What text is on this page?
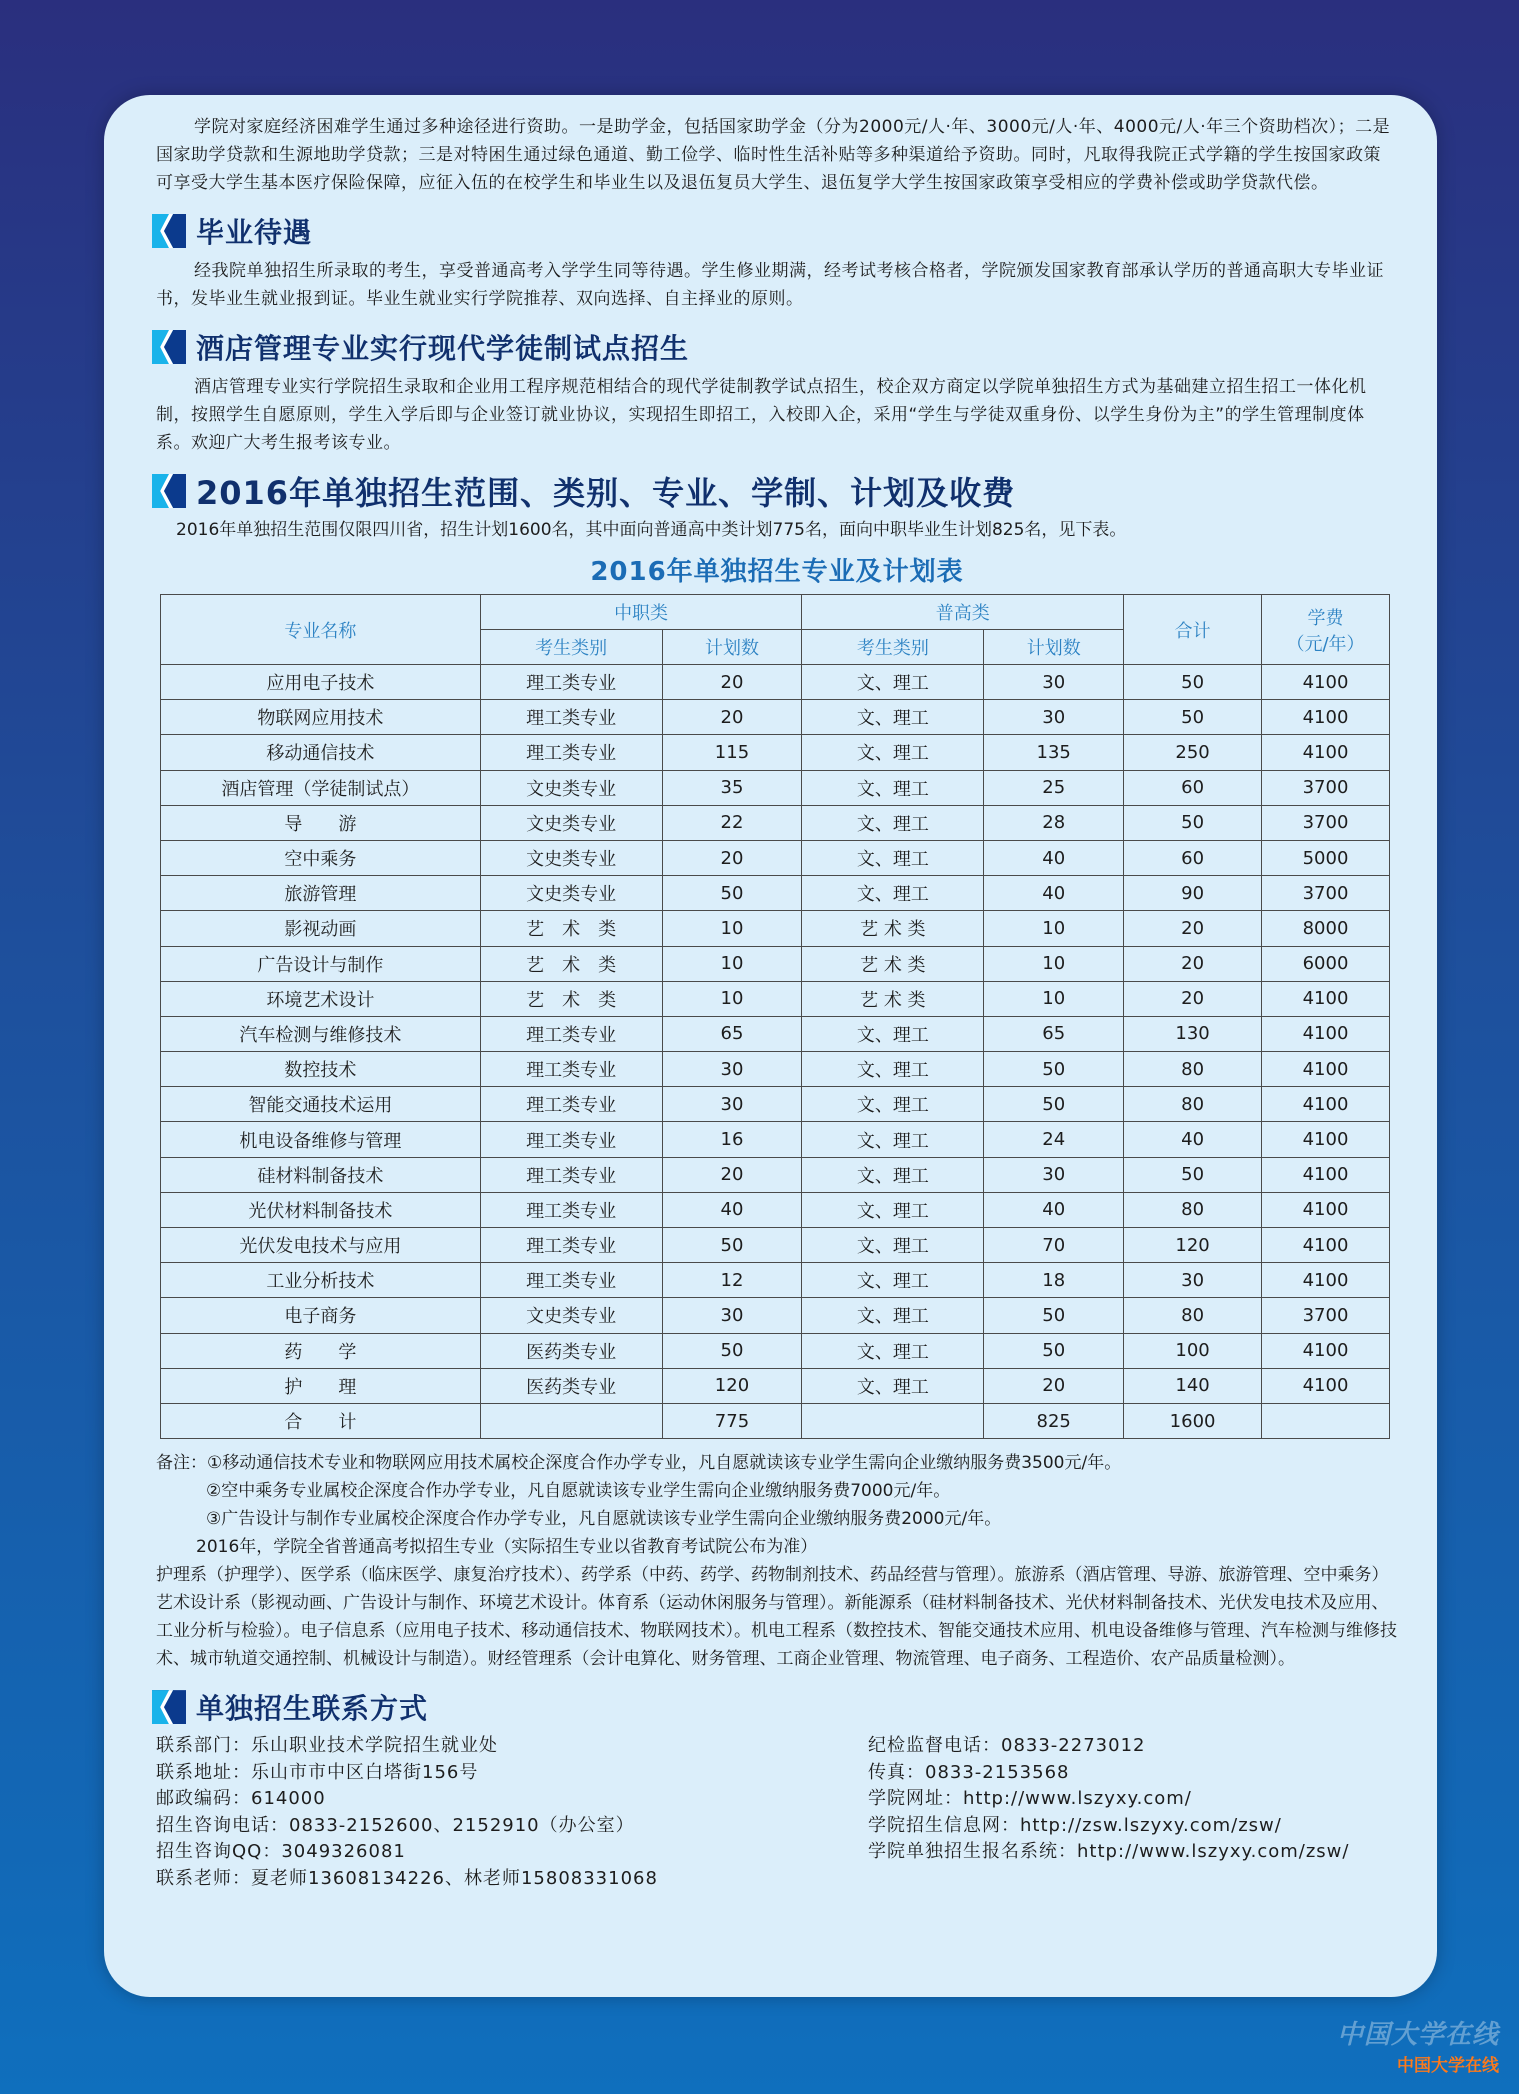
学院对家庭经济困难学生通过多种途径进行资助。一是助学金，包括国家助学金（分为2000元/人·年、3000元/人·年、4000元/人·年三个资助档次）；二是国家助学贷款和生源地助学贷款；三是对特困生通过绿色通道、勤工俭学、临时性生活补贴等多种渠道给予资助。同时，凡取得我院正式学籍的学生按国家政策可享受大学生基本医疗保险保障，应征入伍的在校学生和毕业生以及退伍复员大学生、退伍复学大学生按国家政策享受相应的学费补偿或助学贷款代偿。

毕业待遇

经我院单独招生所录取的考生，享受普通高考入学学生同等待遇。学生修业期满，经考试考核合格者，学院颁发国家教育部承认学历的普通高职大专毕业证书，发毕业生就业报到证。毕业生就业实行学院推荐、双向选择、自主择业的原则。

酒店管理专业实行现代学徒制试点招生

酒店管理专业实行学院招生录取和企业用工程序规范相结合的现代学徒制教学试点招生，校企双方商定以学院单独招生方式为基础建立招生招工一体化机制，按照学生自愿原则，学生入学后即与企业签订就业协议，实现招生即招工，入校即入企，采用“学生与学徒双重身份、以学生身份为主”的学生管理制度体系。欢迎广大考生报考该专业。

2016年单独招生范围、类别、专业、学制、计划及收费

2016年单独招生范围仅限四川省，招生计划1600名，其中面向普通高中类计划775名，面向中职毕业生计划825名，见下表。

2016年单独招生专业及计划表
专业名称	中职类		普高类		合计	学费
（元/年）

	考生类别	计划数	考生类别	计划数		
应用电子技术	理工类专业	20	文、理工	30	50	4100
物联网应用技术	理工类专业	20	文、理工	30	50	4100
移动通信技术	理工类专业	115	文、理工	135	250	4100
酒店管理（学徒制试点）	文史类专业	35	文、理工	25	60	3700
导　　游	文史类专业	22	文、理工	28	50	3700
空中乘务	文史类专业	20	文、理工	40	60	5000
旅游管理	文史类专业	50	文、理工	40	90	3700
影视动画	艺　术　类	10	艺 术 类	10	20	8000
广告设计与制作	艺　术　类	10	艺 术 类	10	20	6000
环境艺术设计	艺　术　类	10	艺 术 类	10	20	4100
汽车检测与维修技术	理工类专业	65	文、理工	65	130	4100
数控技术	理工类专业	30	文、理工	50	80	4100
智能交通技术运用	理工类专业	30	文、理工	50	80	4100
机电设备维修与管理	理工类专业	16	文、理工	24	40	4100
硅材料制备技术	理工类专业	20	文、理工	30	50	4100
光伏材料制备技术	理工类专业	40	文、理工	40	80	4100
光伏发电技术与应用	理工类专业	50	文、理工	70	120	4100
工业分析技术	理工类专业	12	文、理工	18	30	4100
电子商务	文史类专业	30	文、理工	50	80	3700
药　　学	医药类专业	50	文、理工	50	100	4100
护　　理	医药类专业	120	文、理工	20	140	4100
合　　计		775		825	1600	
备注：①移动通信技术专业和物联网应用技术属校企深度合作办学专业，凡自愿就读该专业学生需向企业缴纳服务费3500元/年。
②空中乘务专业属校企深度合作办学专业，凡自愿就读该专业学生需向企业缴纳服务费7000元/年。
③广告设计与制作专业属校企深度合作办学专业，凡自愿就读该专业学生需向企业缴纳服务费2000元/年。
2016年，学院全省普通高考拟招生专业（实际招生专业以省教育考试院公布为准）
护理系（护理学）、医学系（临床医学、康复治疗技术）、药学系（中药、药学、药物制剂技术、药品经营与管理）。旅游系（酒店管理、导游、旅游管理、空中乘务）艺术设计系（影视动画、广告设计与制作、环境艺术设计。体育系（运动休闲服务与管理）。新能源系（硅材料制备技术、光伏材料制备技术、光伏发电技术及应用、工业分析与检验）。电子信息系（应用电子技术、移动通信技术、物联网技术）。机电工程系（数控技术、智能交通技术应用、机电设备维修与管理、汽车检测与维修技术、城市轨道交通控制、机械设计与制造）。财经管理系（会计电算化、财务管理、工商企业管理、物流管理、电子商务、工程造价、农产品质量检测）。
单独招生联系方式
联系部门：乐山职业技术学院招生就业处
联系地址：乐山市市中区白塔街156号
邮政编码：614000
招生咨询电话：0833-2152600、2152910（办公室）
招生咨询QQ：3049326081
联系老师：夏老师13608134226、林老师15808331068
纪检监督电话：0833-2273012
传真：0833-2153568
学院网址：http://www.lszyxy.com/
学院招生信息网：http://zsw.lszyxy.com/zsw/
学院单独招生报名系统：http://www.lszyxy.com/zsw/
中国大学在线
中国大学在线
